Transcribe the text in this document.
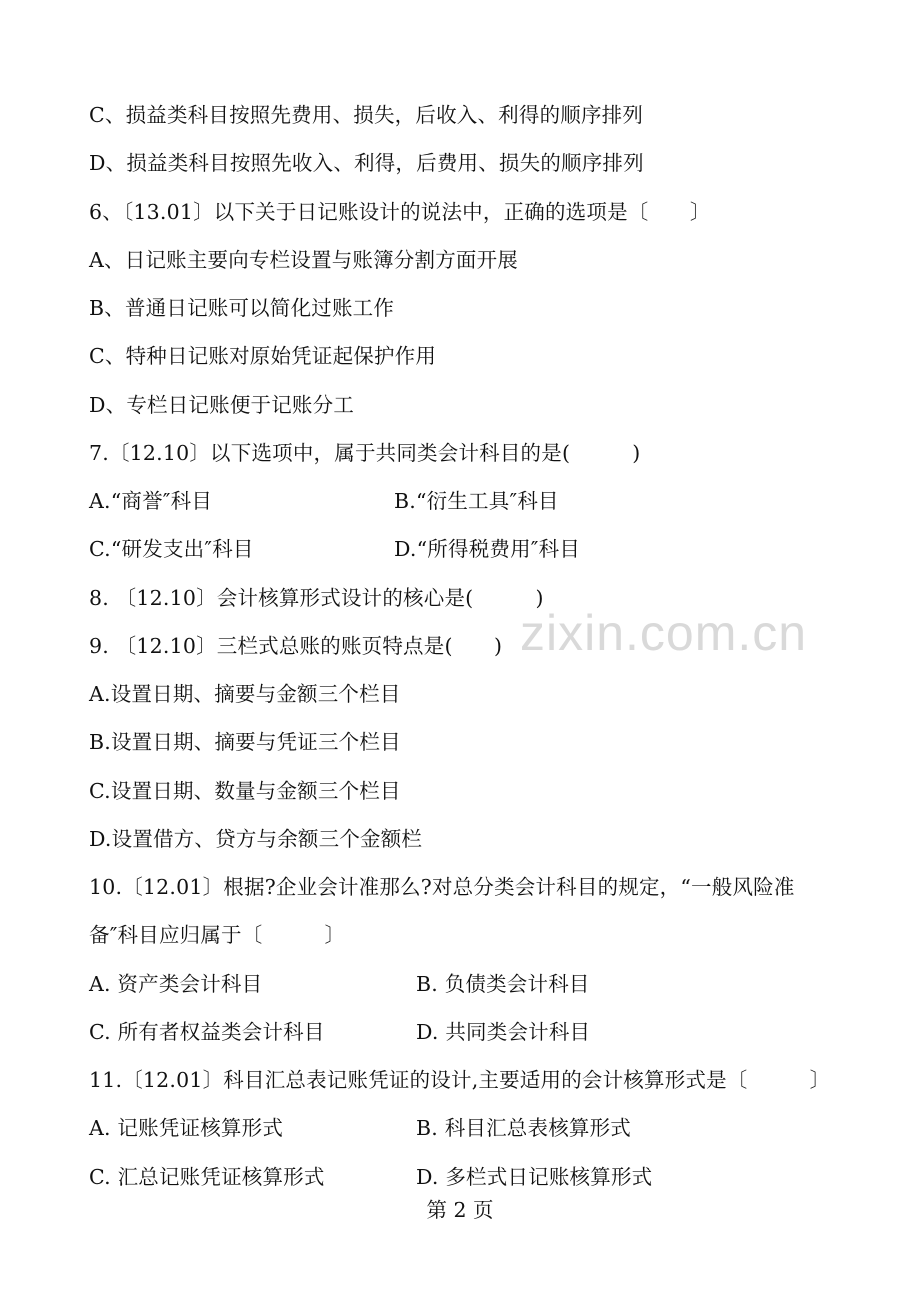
zixin.com.cn
C、损益类科目按照先费用、损失，后收入、利得的顺序排列
D、损益类科目按照先收入、利得，后费用、损失的顺序排列
6、〔13.01〕以下关于日记账设计的说法中，正确的选项是〔　　〕
A、日记账主要向专栏设置与账簿分割方面开展
B、普通日记账可以简化过账工作
C、特种日记账对原始凭证起保护作用
D、专栏日记账便于记账分工
7.〔12.10〕以下选项中，属于共同类会计科目的是(　　　)
A.“商誉″科目	B.“衍生工具″科目
C.“研发支出″科目	D.“所得税费用″科目
8. 〔12.10〕会计核算形式设计的核心是(　　　)
9. 〔12.10〕三栏式总账的账页特点是(　　)
A.设置日期、摘要与金额三个栏目
B.设置日期、摘要与凭证三个栏目
C.设置日期、数量与金额三个栏目
D.设置借方、贷方与余额三个金额栏
10.〔12.01〕根据?企业会计准那么?对总分类会计科目的规定，“一般风险准
备″科目应归属于〔　　　〕
A. 资产类会计科目	B. 负债类会计科目
C. 所有者权益类会计科目	D. 共同类会计科目
11.〔12.01〕科目汇总表记账凭证的设计,主要适用的会计核算形式是〔　　　〕
A. 记账凭证核算形式	B. 科目汇总表核算形式
C. 汇总记账凭证核算形式	D. 多栏式日记账核算形式
第 2 页
